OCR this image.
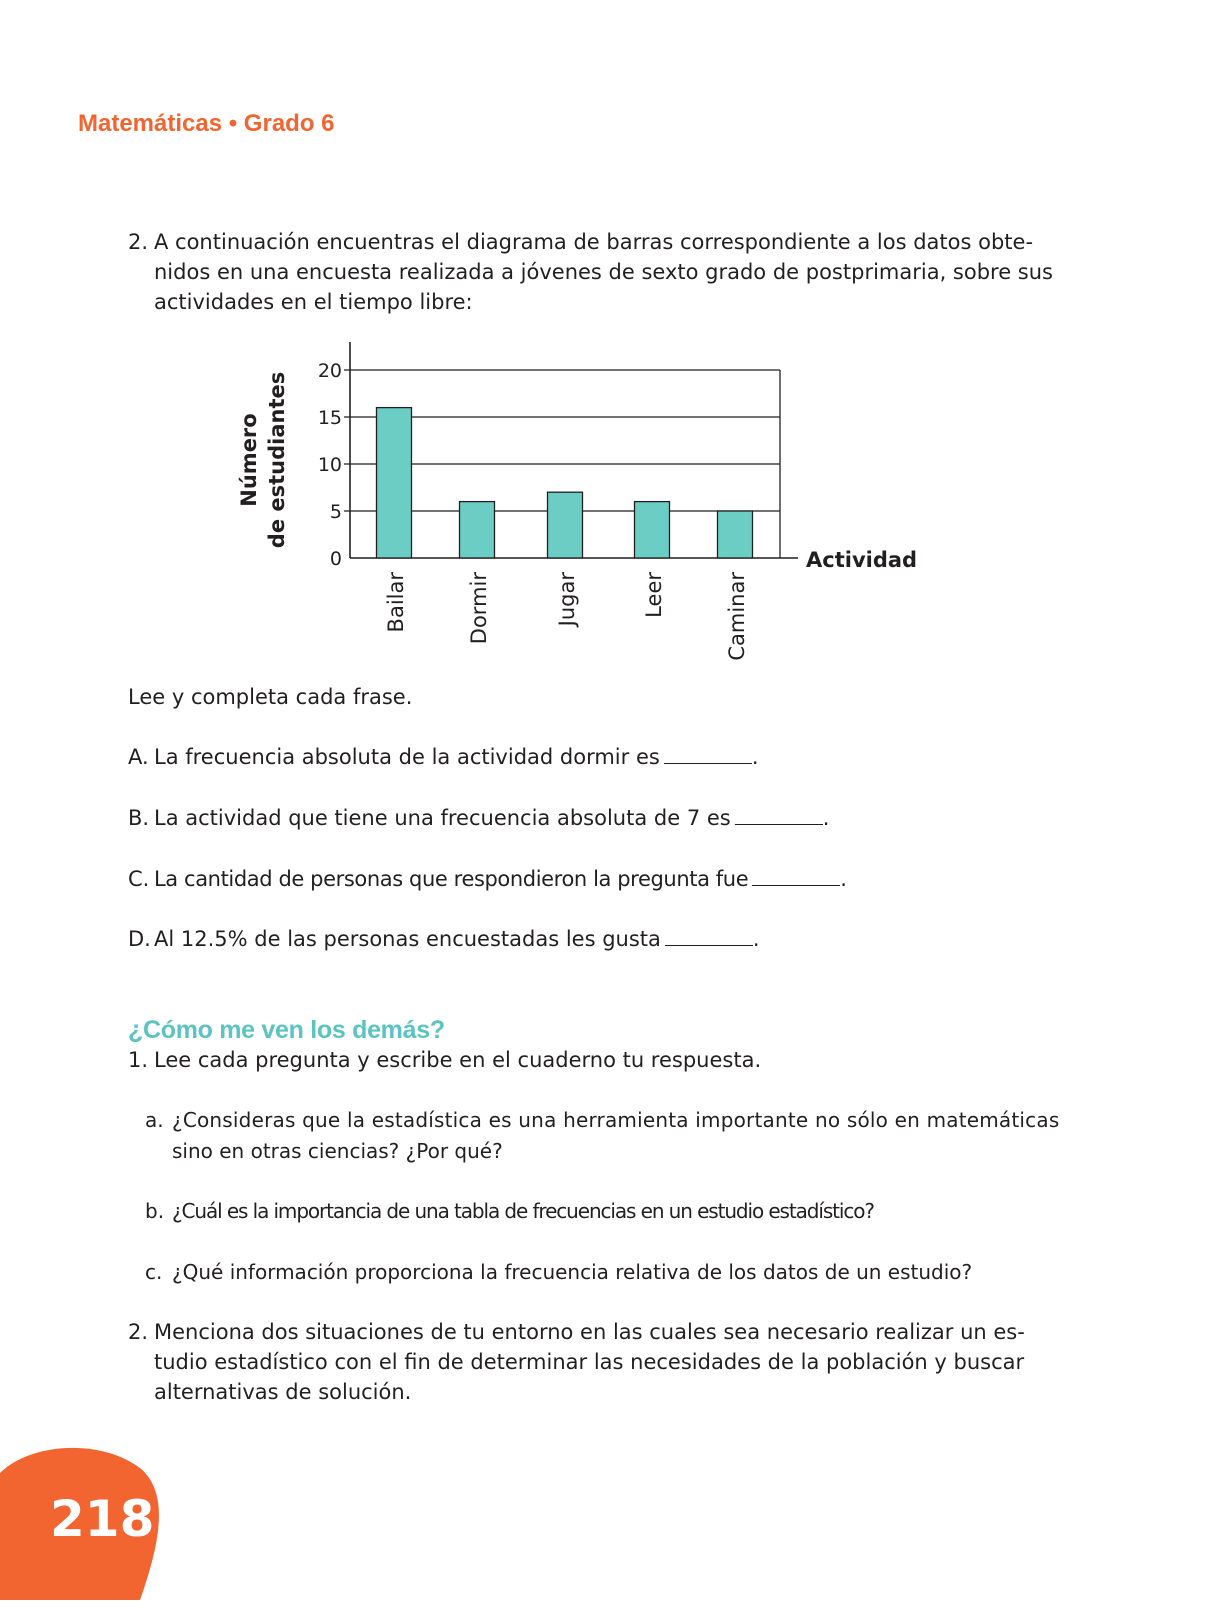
Matemáticas • Grado 6
2. A continuación encuentras el diagrama de barras correspondiente a los datos obte-
nidos en una encuesta realizada a jóvenes de sexto grado de postprimaria, sobre sus
actividades en el tiempo libre:
0
5
10
15
20
Bailar	Dormir	Jugar	Leer	Caminar
Actividad
Número de estudiantes
Lee y completa cada frase.
A. La frecuencia absoluta de la actividad dormir es	.
B. La actividad que tiene una frecuencia absoluta de 7 es	.
C. La cantidad de personas que respondieron la pregunta fue	.
D. Al 12.5% de las personas encuestadas les gusta	.
¿Cómo me ven los demás?
1. Lee cada pregunta y escribe en el cuaderno tu respuesta.
a. ¿Consideras que la estadística es una herramienta importante no sólo en matemáticas
sino en otras ciencias? ¿Por qué?
b. ¿Cuál es la importancia de una tabla de frecuencias en un estudio estadístico?
c. ¿Qué información proporciona la frecuencia relativa de los datos de un estudio?
2. Menciona dos situaciones de tu entorno en las cuales sea necesario realizar un es-
tudio estadístico con el fin de determinar las necesidades de la población y buscar
alternativas de solución.
218
